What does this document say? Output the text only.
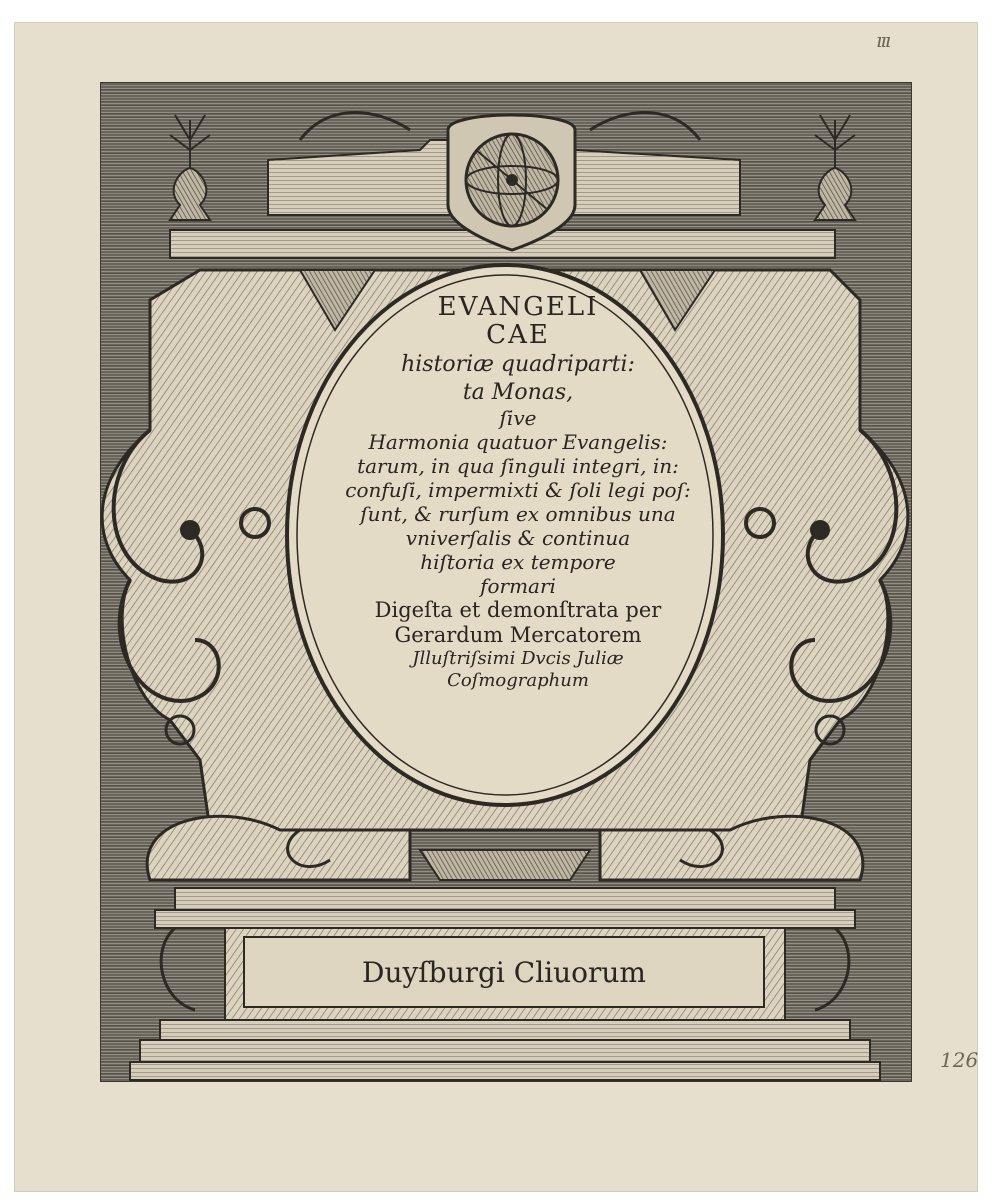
ııı
EVANGELI
CAE
historiæ quadriparti:
ta Monas,
ſive
Harmonia quatuor Evangelis:
tarum, in qua ſinguli integri, in:
confuſi, impermixti & ſoli legi poſ:
ſunt, & rurſum ex omnibus una
vniverſalis & continua
hiſtoria ex tempore
formari
Digeſta et demonſtrata per
Gerardum Mercatorem
Jlluſtriſsimi Dvcis Juliæ
Coſmographum
Duyſburgi Cliuorum
126
